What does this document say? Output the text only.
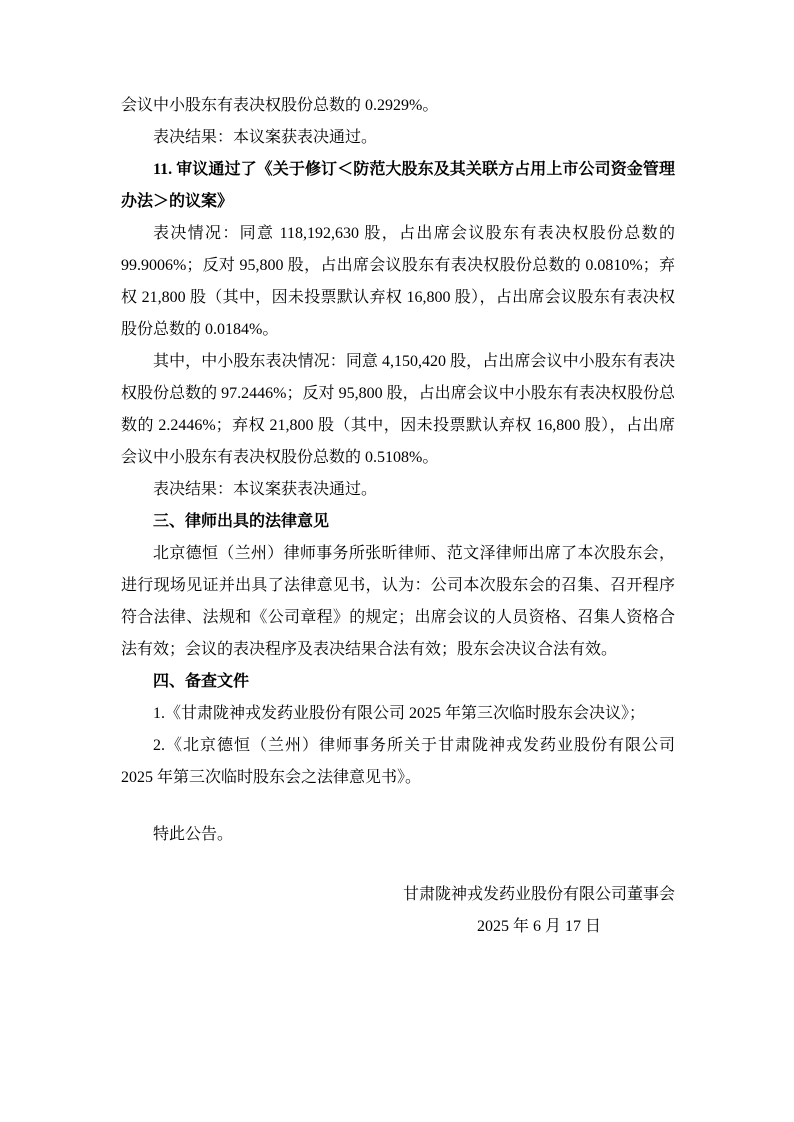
会议中小股东有表决权股份总数的 0.2929%。

表决结果：本议案获表决通过。

11. 审议通过了《关于修订＜防范大股东及其关联方占用上市公司资金管理办法＞的议案》

表决情况：同意 118,192,630 股，占出席会议股东有表决权股份总数的 99.9006%；反对 95,800 股，占出席会议股东有表决权股份总数的 0.0810%；弃权 21,800 股（其中，因未投票默认弃权 16,800 股），占出席会议股东有表决权股份总数的 0.0184%。

其中，中小股东表决情况：同意 4,150,420 股，占出席会议中小股东有表决权股份总数的 97.2446%；反对 95,800 股，占出席会议中小股东有表决权股份总数的 2.2446%；弃权 21,800 股（其中，因未投票默认弃权 16,800 股），占出席会议中小股东有表决权股份总数的 0.5108%。

表决结果：本议案获表决通过。

三、律师出具的法律意见

北京德恒（兰州）律师事务所张昕律师、范文泽律师出席了本次股东会，进行现场见证并出具了法律意见书，认为：公司本次股东会的召集、召开程序符合法律、法规和《公司章程》的规定；出席会议的人员资格、召集人资格合法有效；会议的表决程序及表决结果合法有效；股东会决议合法有效。

四、备查文件

1.《甘肃陇神戎发药业股份有限公司 2025 年第三次临时股东会决议》；

2.《北京德恒（兰州）律师事务所关于甘肃陇神戎发药业股份有限公司 2025 年第三次临时股东会之法律意见书》。

特此公告。

甘肃陇神戎发药业股份有限公司董事会
2025 年 6 月 17 日
